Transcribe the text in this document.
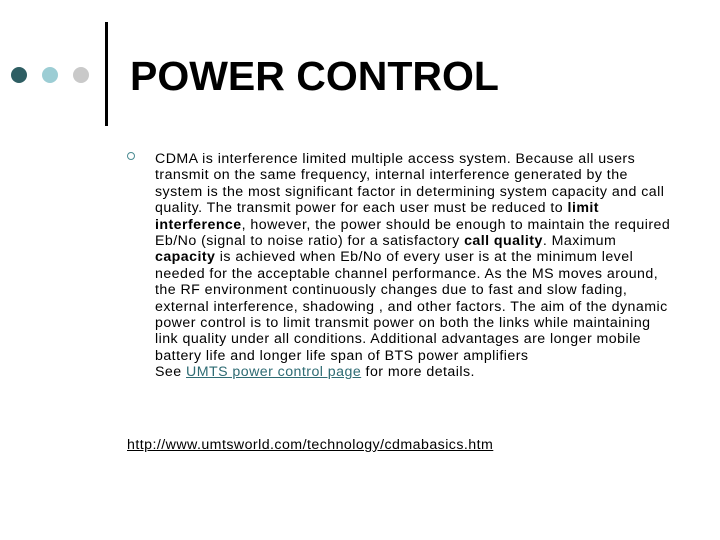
POWER CONTROL

CDMA is interference limited multiple access system. Because all users transmit on the same frequency, internal interference generated by the system is the most significant factor in determining system capacity and call quality. The transmit power for each user must be reduced to limit interference, however, the power should be enough to maintain the required Eb/No (signal to noise ratio) for a satisfactory call quality. Maximum capacity is achieved when Eb/No of every user is at the minimum level needed for the acceptable channel performance. As the MS moves around, the RF environment continuously changes due to fast and slow fading, external interference, shadowing , and other factors. The aim of the dynamic power control is to limit transmit power on both the links while maintaining link quality under all conditions. Additional advantages are longer mobile battery life and longer life span of BTS power amplifiers
See UMTS power control page for more details.

http://www.umtsworld.com/technology/cdmabasics.htm
